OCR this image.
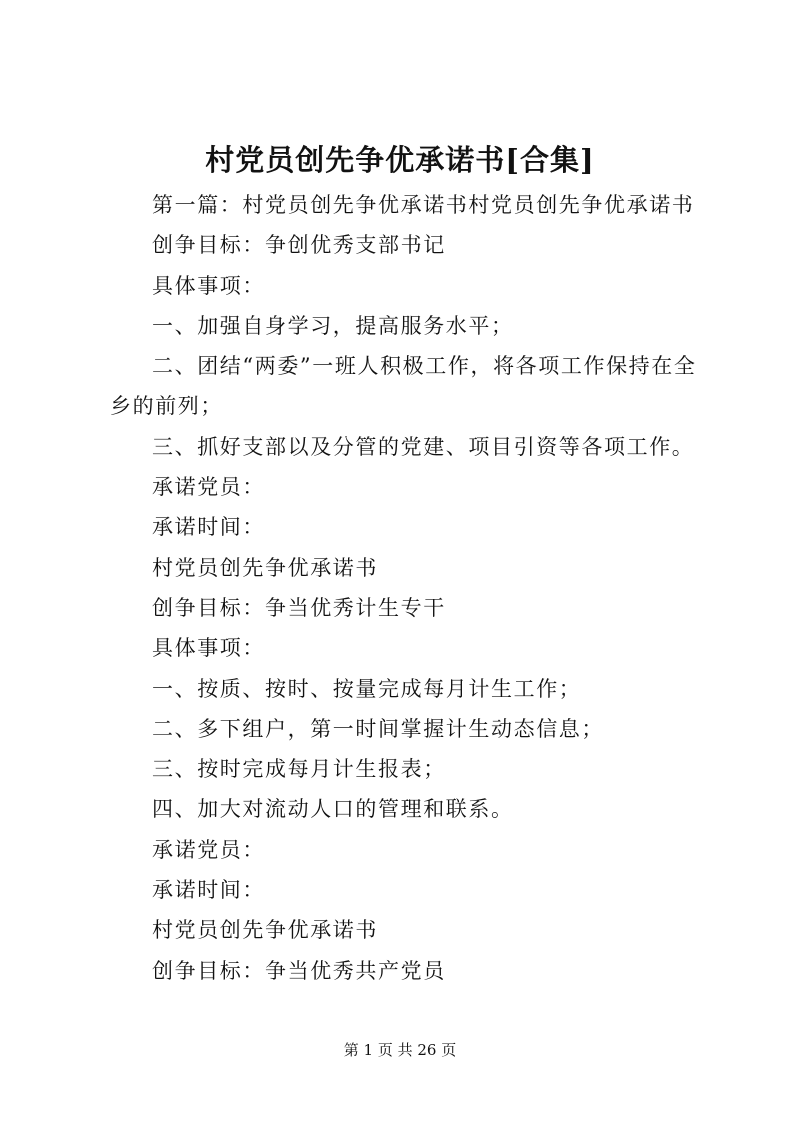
村党员创先争优承诺书[合集]

第一篇：村党员创先争优承诺书村党员创先争优承诺书

创争目标：争创优秀支部书记

具体事项：

一、加强自身学习，提高服务水平；

二、团结“两委”一班人积极工作，将各项工作保持在全乡的前列；

三、抓好支部以及分管的党建、项目引资等各项工作。

承诺党员：

承诺时间：

村党员创先争优承诺书

创争目标：争当优秀计生专干

具体事项：

一、按质、按时、按量完成每月计生工作；

二、多下组户，第一时间掌握计生动态信息；

三、按时完成每月计生报表；

四、加大对流动人口的管理和联系。

承诺党员：

承诺时间：

村党员创先争优承诺书

创争目标：争当优秀共产党员

第 1 页 共 26 页
